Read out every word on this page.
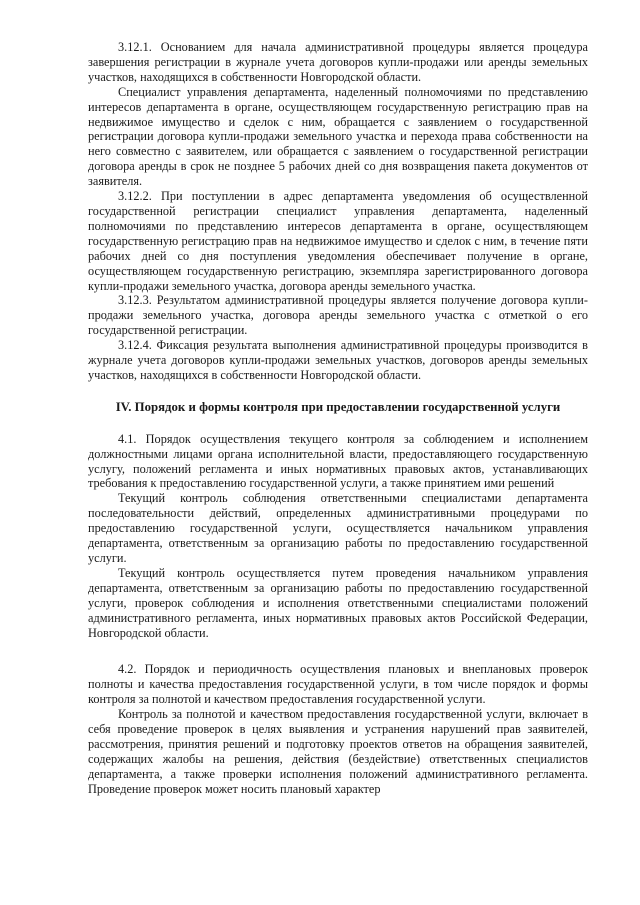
3.12.1. Основанием для начала административной процедуры является процедура завершения регистрации в журнале учета договоров купли-продажи или аренды земельных участков, находящихся в собственности Новгородской области.

Специалист управления департамента, наделенный полномочиями по представлению интересов департамента в органе, осуществляющем государственную регистрацию прав на недвижимое имущество и сделок с ним, обращается с заявлением о государственной регистрации договора купли-продажи земельного участка и перехода права собственности на него совместно с заявителем, или обращается с заявлением о государственной регистрации договора аренды в срок не позднее 5 рабочих дней со дня возвращения пакета документов от заявителя.

3.12.2. При поступлении в адрес департамента уведомления об осуществленной государственной регистрации специалист управления департамента, наделенный полномочиями по представлению интересов департамента в органе, осуществляющем государственную регистрацию прав на недвижимое имущество и сделок с ним, в течение пяти рабочих дней со дня поступления уведомления обеспечивает получение в органе, осуществляющем государственную регистрацию, экземпляра зарегистрированного договора купли-продажи земельного участка, договора аренды земельного участка.

3.12.3. Результатом административной процедуры является получение договора купли-продажи земельного участка, договора аренды земельного участка с отметкой о его государственной регистрации.

3.12.4. Фиксация результата выполнения административной процедуры производится в журнале учета договоров купли-продажи земельных участков, договоров аренды земельных участков, находящихся в собственности Новгородской области.

IV. Порядок и формы контроля при предоставлении государственной услуги

4.1. Порядок осуществления текущего контроля за соблюдением и исполнением должностными лицами органа исполнительной власти, предоставляющего государственную услугу, положений регламента и иных нормативных правовых актов, устанавливающих требования к предоставлению государственной услуги, а также принятием ими решений

Текущий контроль соблюдения ответственными специалистами департамента последовательности действий, определенных административными процедурами по предоставлению государственной услуги, осуществляется начальником управления департамента, ответственным за организацию работы по предоставлению государственной услуги.

Текущий контроль осуществляется путем проведения начальником управления департамента, ответственным за организацию работы по предоставлению государственной услуги, проверок соблюдения и исполнения ответственными специалистами положений административного регламента, иных нормативных правовых актов Российской Федерации, Новгородской области.

4.2. Порядок и периодичность осуществления плановых и внеплановых проверок полноты и качества предоставления государственной услуги, в том числе порядок и формы контроля за полнотой и качеством предоставления государственной услуги.

Контроль за полнотой и качеством предоставления государственной услуги, включает в себя проведение проверок в целях выявления и устранения нарушений прав заявителей, рассмотрения, принятия решений и подготовку проектов ответов на обращения заявителей, содержащих жалобы на решения, действия (бездействие) ответственных специалистов департамента, а также проверки исполнения положений административного регламента. Проведение проверок может носить плановый характер
